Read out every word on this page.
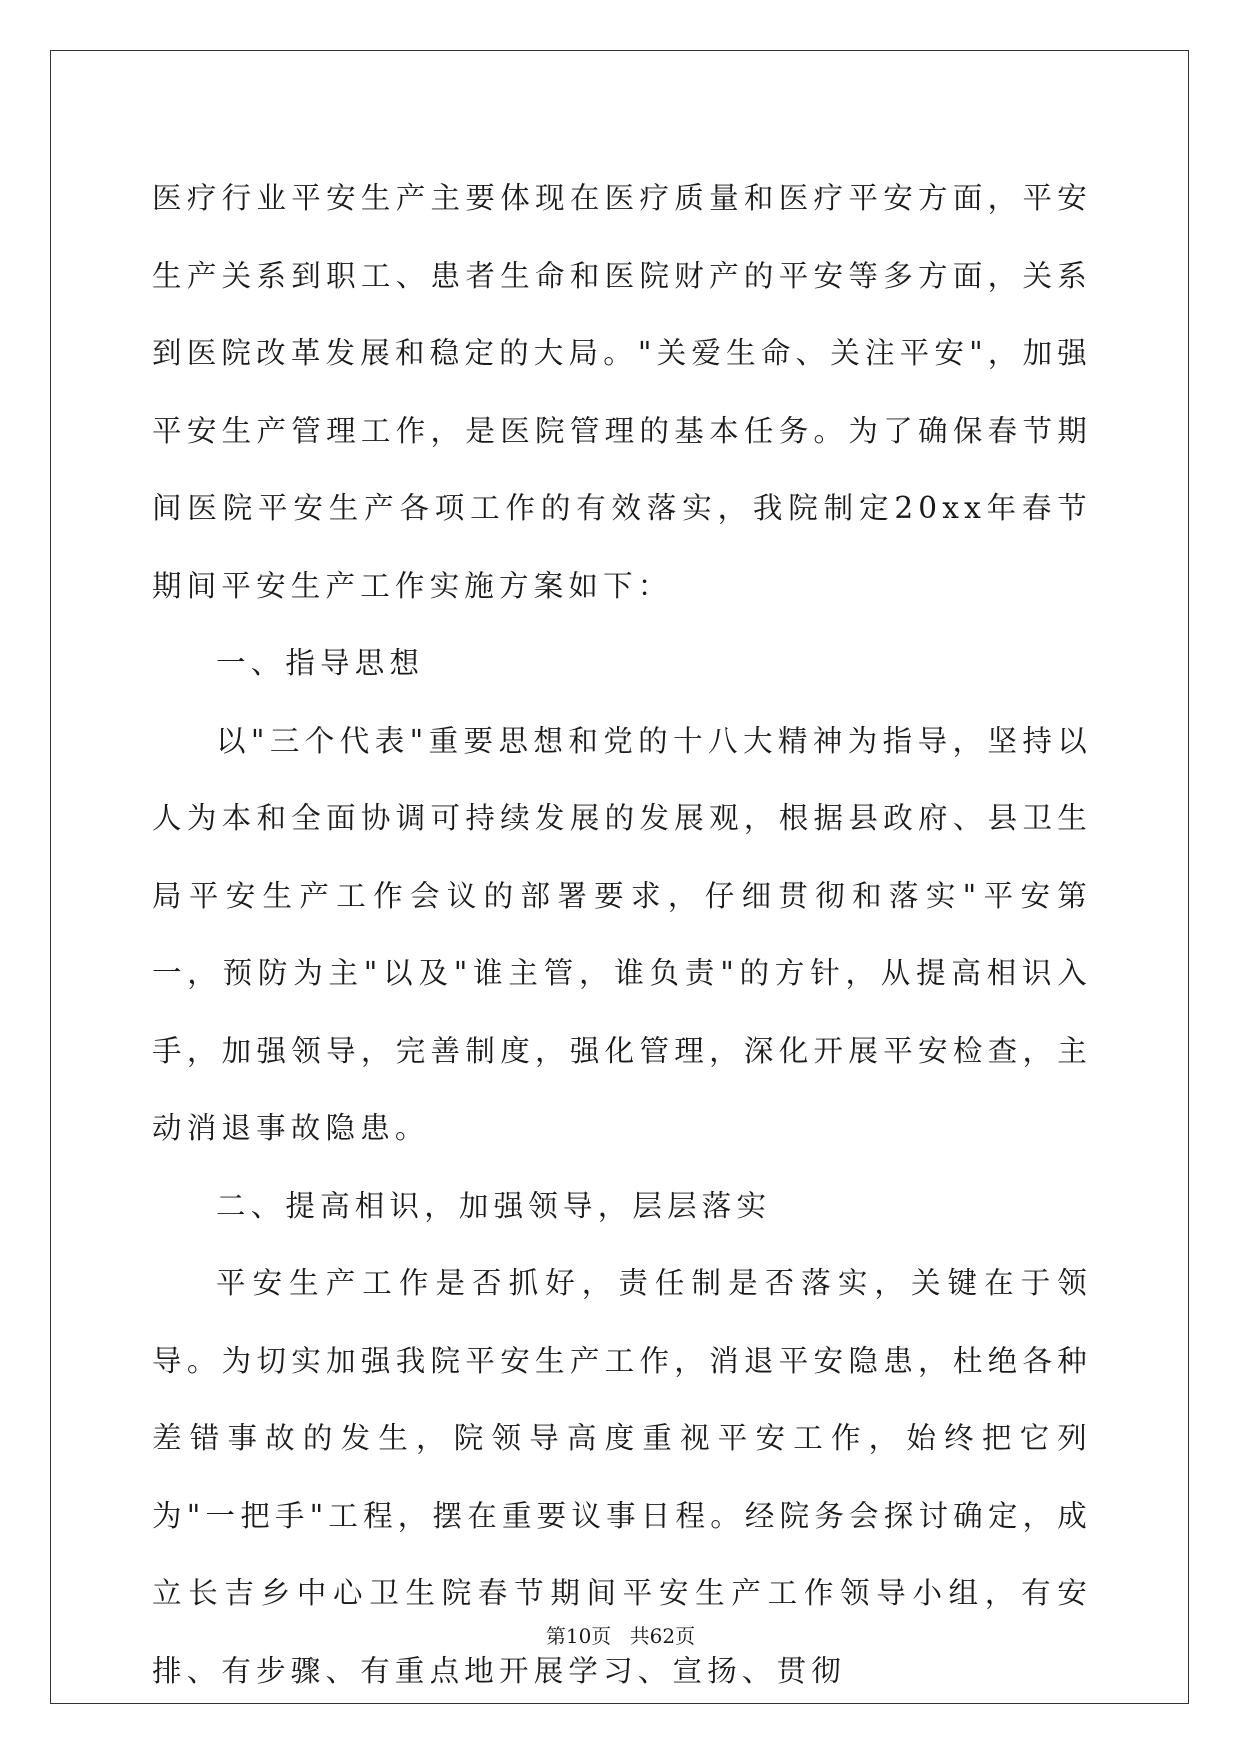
医疗行业平安生产主要体现在医疗质量和医疗平安方面，平安生产关系到职工、患者生命和医院财产的平安等多方面，关系到医院改革发展和稳定的大局。"关爱生命、关注平安"，加强平安生产管理工作，是医院管理的基本任务。为了确保春节期间医院平安生产各项工作的有效落实，我院制定20xx年春节期间平安生产工作实施方案如下：

一、指导思想

以"三个代表"重要思想和党的十八大精神为指导，坚持以人为本和全面协调可持续发展的发展观，根据县政府、县卫生局平安生产工作会议的部署要求，仔细贯彻和落实"平安第一，预防为主"以及"谁主管，谁负责"的方针，从提高相识入手，加强领导，完善制度，强化管理，深化开展平安检查，主动消退事故隐患。

二、提高相识，加强领导，层层落实

平安生产工作是否抓好，责任制是否落实，关键在于领导。为切实加强我院平安生产工作，消退平安隐患，杜绝各种差错事故的发生，院领导高度重视平安工作，始终把它列为"一把手"工程，摆在重要议事日程。经院务会探讨确定，成立长吉乡中心卫生院春节期间平安生产工作领导小组，有安排、有步骤、有重点地开展学习、宣扬、贯彻

第10页 共62页
